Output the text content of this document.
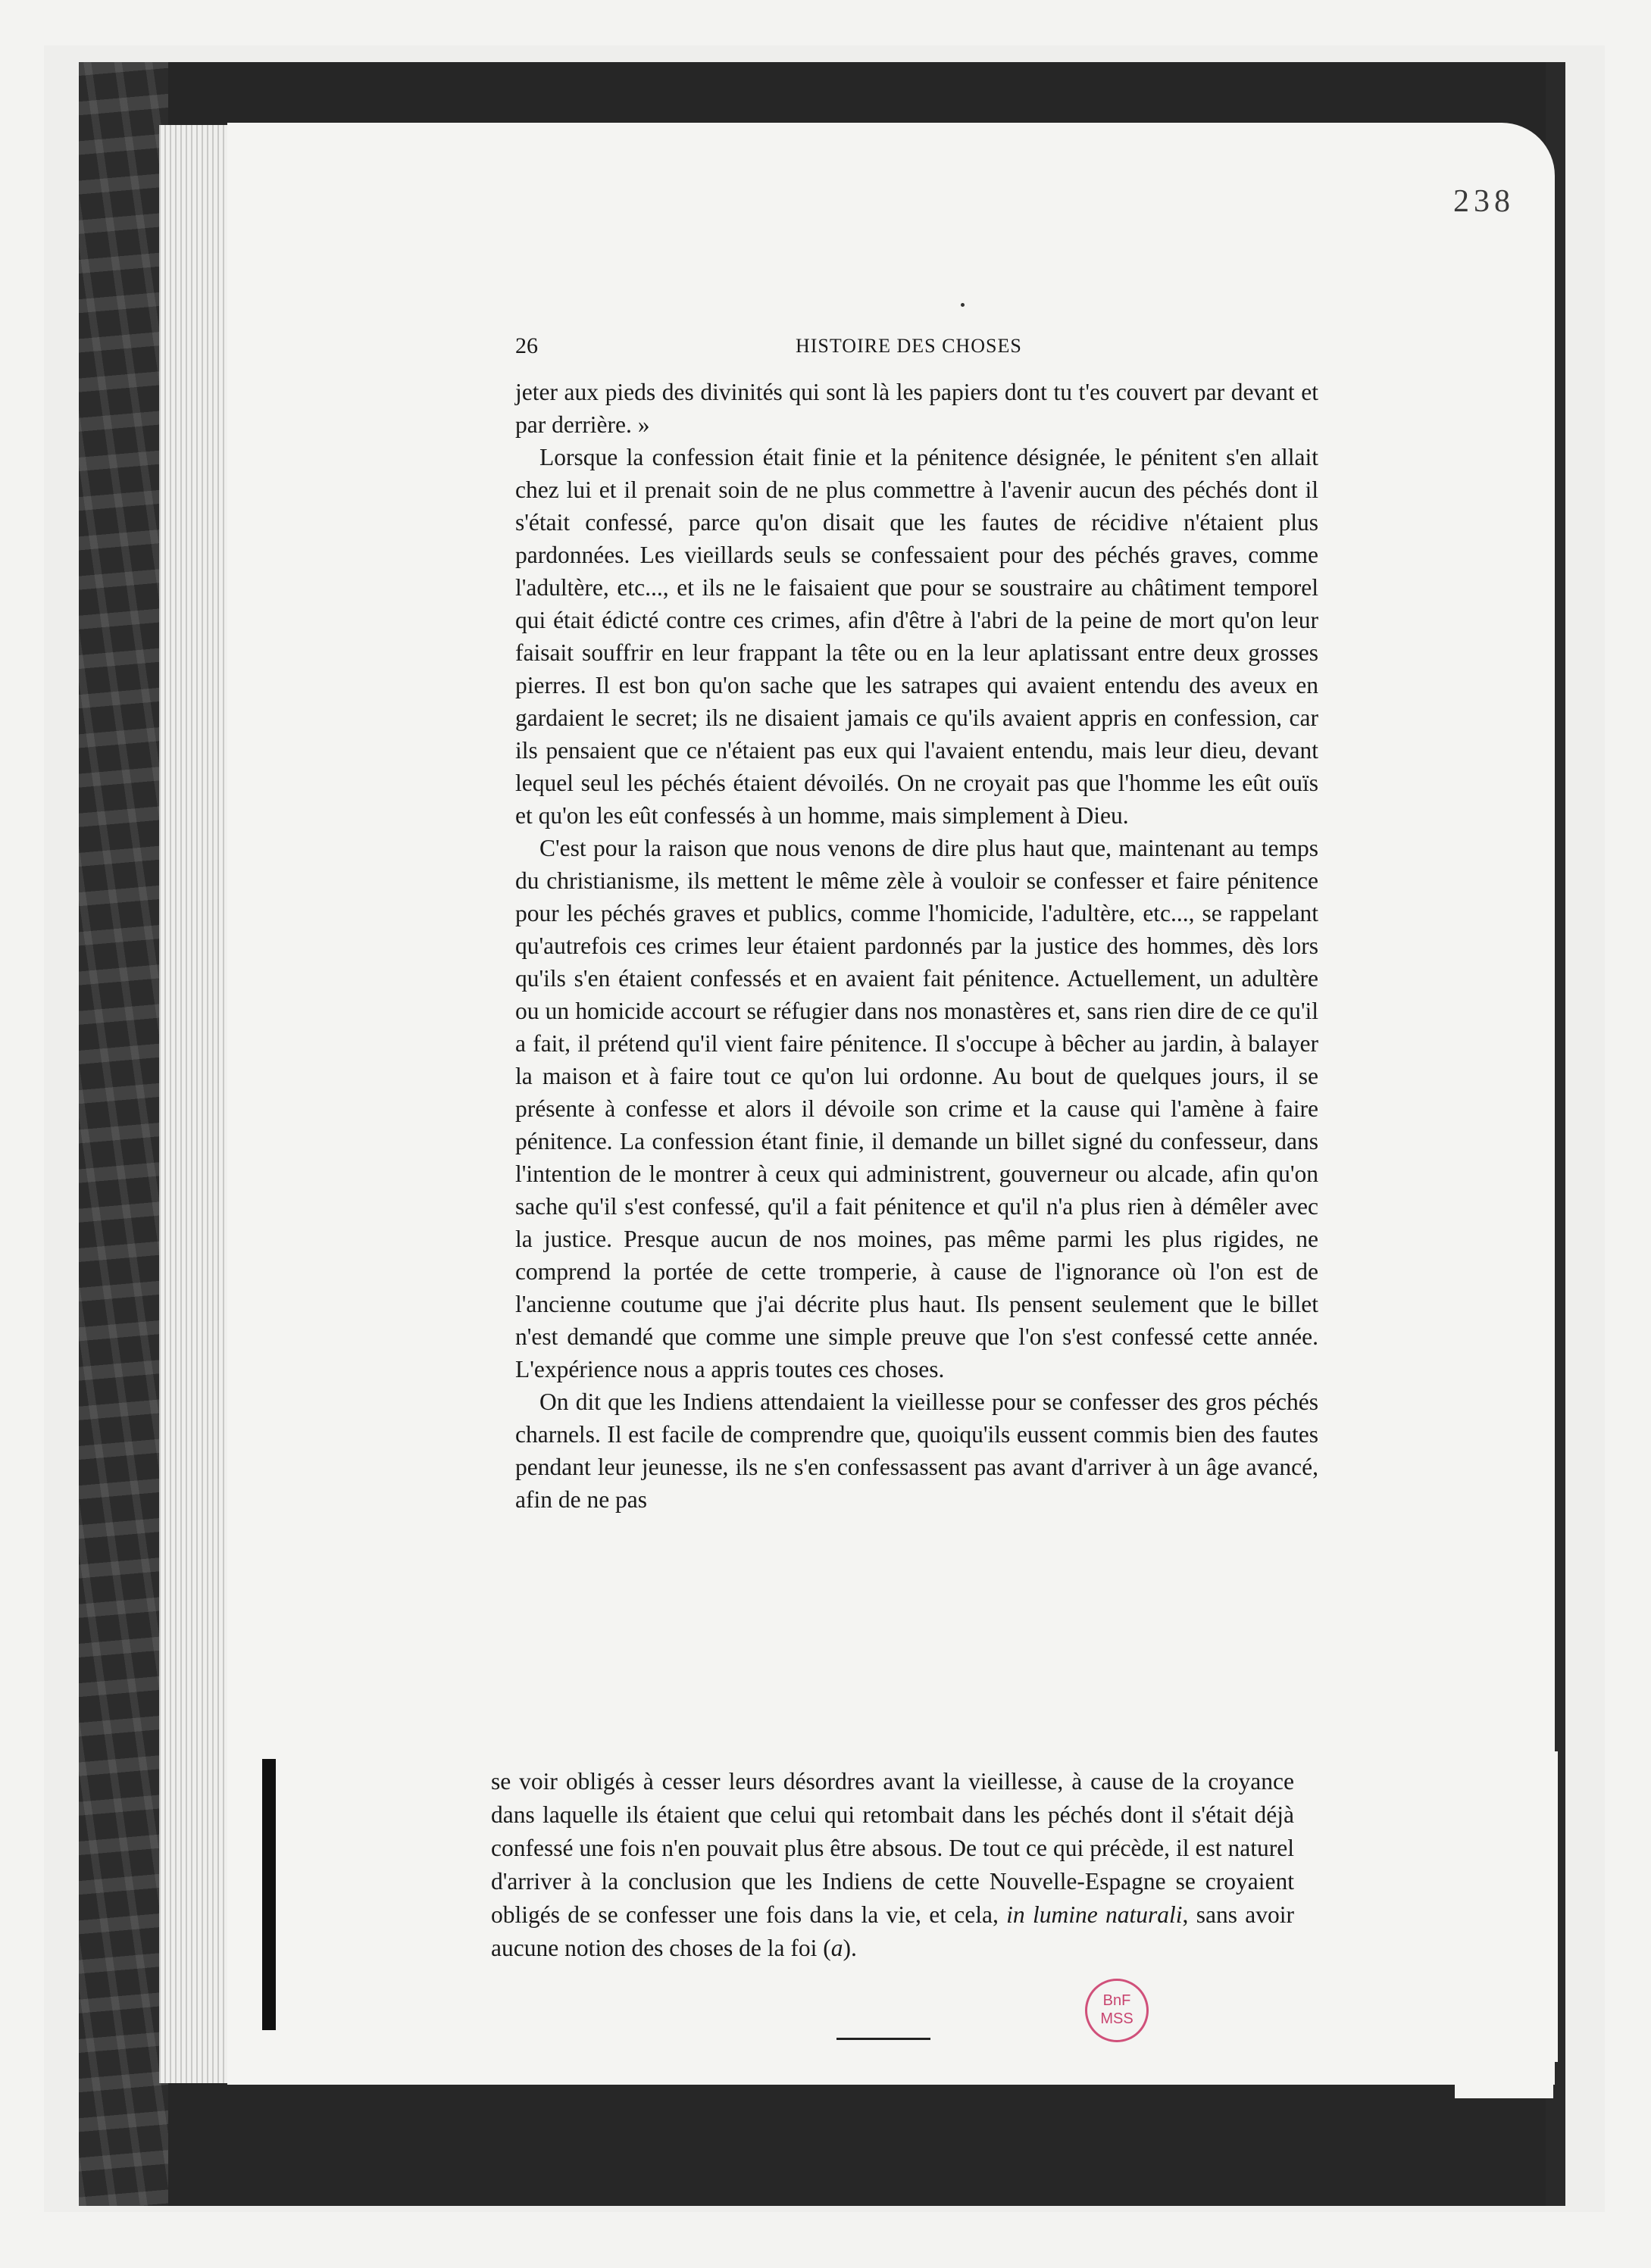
238
26	HISTOIRE DES CHOSES

jeter aux pieds des divinités qui sont là les papiers dont tu t'es couvert par devant et par derrière. »

Lorsque la confession était finie et la pénitence désignée, le pénitent s'en allait chez lui et il prenait soin de ne plus commettre à l'avenir aucun des péchés dont il s'était confessé, parce qu'on disait que les fautes de récidive n'étaient plus pardonnées. Les vieillards seuls se confessaient pour des péchés graves, comme l'adultère, etc..., et ils ne le faisaient que pour se soustraire au châtiment temporel qui était édicté contre ces crimes, afin d'être à l'abri de la peine de mort qu'on leur faisait souffrir en leur frappant la tête ou en la leur aplatissant entre deux grosses pierres. Il est bon qu'on sache que les satrapes qui avaient entendu des aveux en gardaient le secret; ils ne disaient jamais ce qu'ils avaient appris en confession, car ils pensaient que ce n'étaient pas eux qui l'avaient entendu, mais leur dieu, devant lequel seul les péchés étaient dévoilés. On ne croyait pas que l'homme les eût ouïs et qu'on les eût confessés à un homme, mais simplement à Dieu.

C'est pour la raison que nous venons de dire plus haut que, maintenant au temps du christianisme, ils mettent le même zèle à vouloir se confesser et faire pénitence pour les péchés graves et publics, comme l'homicide, l'adultère, etc..., se rappelant qu'autrefois ces crimes leur étaient pardonnés par la justice des hommes, dès lors qu'ils s'en étaient confessés et en avaient fait pénitence. Actuellement, un adultère ou un homicide accourt se réfugier dans nos monastères et, sans rien dire de ce qu'il a fait, il prétend qu'il vient faire pénitence. Il s'occupe à bêcher au jardin, à balayer la maison et à faire tout ce qu'on lui ordonne. Au bout de quelques jours, il se présente à confesse et alors il dévoile son crime et la cause qui l'amène à faire pénitence. La confession étant finie, il demande un billet signé du confesseur, dans l'intention de le montrer à ceux qui administrent, gouverneur ou alcade, afin qu'on sache qu'il s'est confessé, qu'il a fait pénitence et qu'il n'a plus rien à démêler avec la justice. Presque aucun de nos moines, pas même parmi les plus rigides, ne comprend la portée de cette tromperie, à cause de l'ignorance où l'on est de l'ancienne coutume que j'ai décrite plus haut. Ils pensent seulement que le billet n'est demandé que comme une simple preuve que l'on s'est confessé cette année. L'expérience nous a appris toutes ces choses.

On dit que les Indiens attendaient la vieillesse pour se confesser des gros péchés charnels. Il est facile de comprendre que, quoiqu'ils eussent commis bien des fautes pendant leur jeunesse, ils ne s'en confessassent pas avant d'arriver à un âge avancé, afin de ne pas

se voir obligés à cesser leurs désordres avant la vieillesse, à cause de la croyance dans laquelle ils étaient que celui qui retombait dans les péchés dont il s'était déjà confessé une fois n'en pouvait plus être absous. De tout ce qui précède, il est naturel d'arriver à la conclusion que les Indiens de cette Nouvelle-Espagne se croyaient obligés de se confesser une fois dans la vie, et cela, in lumine naturali, sans avoir aucune notion des choses de la foi (a).

BnF
MSS
